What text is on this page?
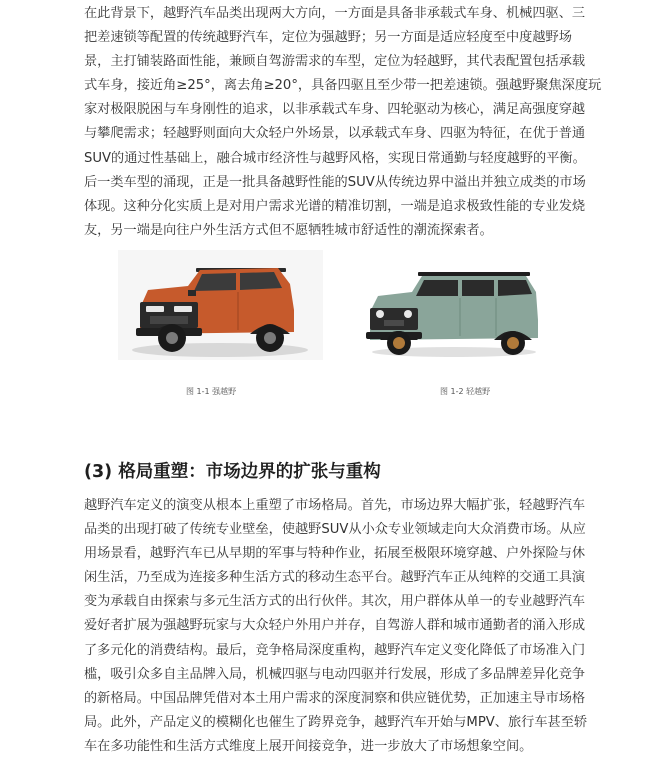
在此背景下，越野汽车品类出现两大方向，一方面是具备非承载式车身、机械四驱、三
把差速锁等配置的传统越野汽车，定位为强越野；另一方面是适应轻度至中度越野场
景，主打铺装路面性能，兼顾自驾游需求的车型，定位为轻越野，其代表配置包括承载
式车身，接近角≥25°，离去角≥20°，具备四驱且至少带一把差速锁。强越野聚焦深度玩
家对极限脱困与车身刚性的追求，以非承载式车身、四轮驱动为核心，满足高强度穿越
与攀爬需求；轻越野则面向大众轻户外场景，以承载式车身、四驱为特征，在优于普通
SUV的通过性基础上，融合城市经济性与越野风格，实现日常通勤与轻度越野的平衡。
后一类车型的涌现，正是一批具备越野性能的SUV从传统边界中溢出并独立成类的市场
体现。这种分化实质上是对用户需求光谱的精准切割，一端是追求极致性能的专业发烧
友，另一端是向往户外生活方式但不愿牺牲城市舒适性的潮流探索者。

图 1-1 强越野	图 1-2 轻越野
(3) 格局重塑：市场边界的扩张与重构

越野汽车定义的演变从根本上重塑了市场格局。首先，市场边界大幅扩张，轻越野汽车
品类的出现打破了传统专业壁垒，使越野SUV从小众专业领域走向大众消费市场。从应
用场景看，越野汽车已从早期的军事与特种作业，拓展至极限环境穿越、户外探险与休
闲生活，乃至成为连接多种生活方式的移动生态平台。越野汽车正从纯粹的交通工具演
变为承载自由探索与多元生活方式的出行伙伴。其次，用户群体从单一的专业越野汽车
爱好者扩展为强越野玩家与大众轻户外用户并存，自驾游人群和城市通勤者的涌入形成
了多元化的消费结构。最后，竞争格局深度重构，越野汽车定义变化降低了市场准入门
槛，吸引众多自主品牌入局，机械四驱与电动四驱并行发展，形成了多品牌差异化竞争
的新格局。中国品牌凭借对本土用户需求的深度洞察和供应链优势，正加速主导市场格
局。此外，产品定义的模糊化也催生了跨界竞争，越野汽车开始与MPV、旅行车甚至轿
车在多功能性和生活方式维度上展开间接竞争，进一步放大了市场想象空间。
